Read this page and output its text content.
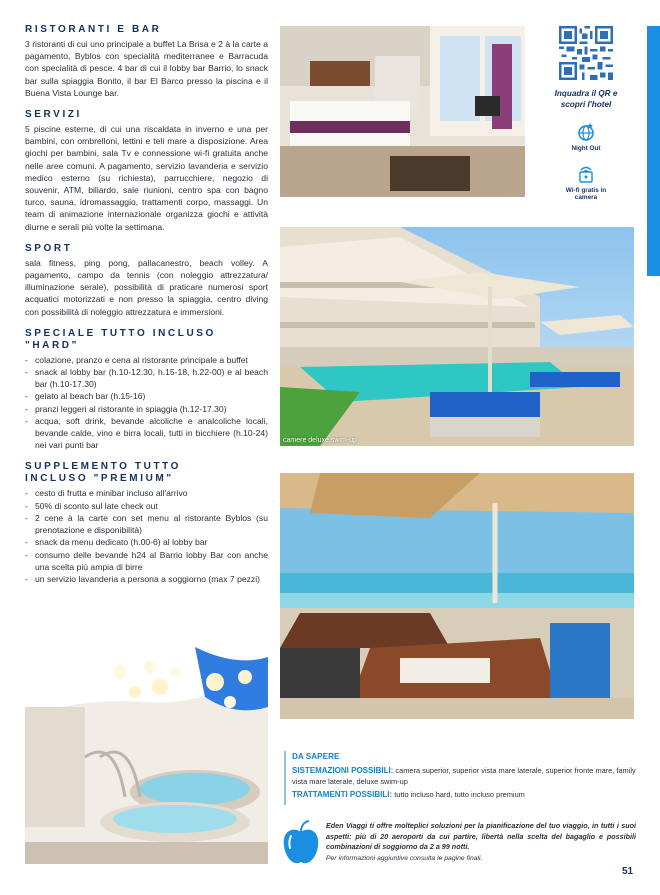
RISTORANTI E BAR
3 ristoranti di cui uno principale a buffet La Brisa e 2 à la carte a pagamento, Byblos con specialità mediterranee e Barracuda con specialità di pesce. 4 bar di cui il lobby bar Barrio, lo snack bar sulla spiaggia Bonito, il bar El Barco presso la piscina e il Buena Vista Lounge bar.
SERVIZI
5 piscine esterne, di cui una riscaldata in inverno e una per bambini, con ombrelloni, lettini e teli mare a disposizione. Area giochi per bambini, sala Tv e connessione wi-fi gratuita anche nelle aree comuni. A pagamento, servizio lavanderia e servizio medico esterno (su richiesta), parrucchiere, negozio di souvenir, ATM, biliardo, sale riunioni, centro spa con bagno turco, sauna, idromassaggio, trattamenti corpo, massaggi. Un team di animazione internazionale organizza giochi e attività diurne e serali più volte la settimana.
SPORT
sala fitness, ping pong, pallacanestro, beach volley. A pagamento, campo da tennis (con noleggio attrezzatura/ illuminazione serale), possibilità di praticare numerosi sport acquatici motorizzati e non presso la spiaggia, centro diving con possibilità di noleggio attrezzatura e immersioni.
SPECIALE TUTTO INCLUSO "HARD"
- colazione, pranzo e cena al ristorante principale a buffet
- snack al lobby bar (h.10-12.30, h.15-18, h.22-00) e al beach bar (h.10-17.30)
- gelato al beach bar (h.15-16)
- pranzi leggeri al ristorante in spiaggia (h.12-17.30)
- acqua, soft drink, bevande alcoliche e analcoliche locali, bevande calde, vino e birra locali, tutti in bicchiere (h.10-24) nei vari punti bar
SUPPLEMENTO TUTTO INCLUSO "PREMIUM"
- cesto di frutta e minibar incluso all'arrivo
- 50% di sconto sul late check out
- 2 cene à la carte con set menu al ristorante Byblos (su prenotazione e disponibilità)
- snack da menu dedicato (h.00-6) al lobby bar
- consumo delle bevande h24 al Barrio lobby Bar con anche una scelta più ampia di birre
- un servizio lavanderia a persona a soggiorno (max 7 pezzi)
Inquadra il QR e scopri l'hotel
Night Out
Wi-fi gratis in camera
camere deluxe swim-up
DA SAPERE
SISTEMAZIONI POSSIBILI: camera superior, superior vista mare laterale, superior fronte mare, family vista mare laterale, deluxe swim-up
TRATTAMENTI POSSIBILI: tutto incluso hard, tutto incluso premium
Eden Viaggi ti offre molteplici soluzioni per la pianificazione del tuo viaggio, in tutti i suoi aspetti: più di 20 aeroporti da cui partire, libertà nella scelta del bagaglio e possibili combinazioni di soggiorno da 2 a 99 notti.
Per informazioni aggiuntive consulta le pagine finali.
51
